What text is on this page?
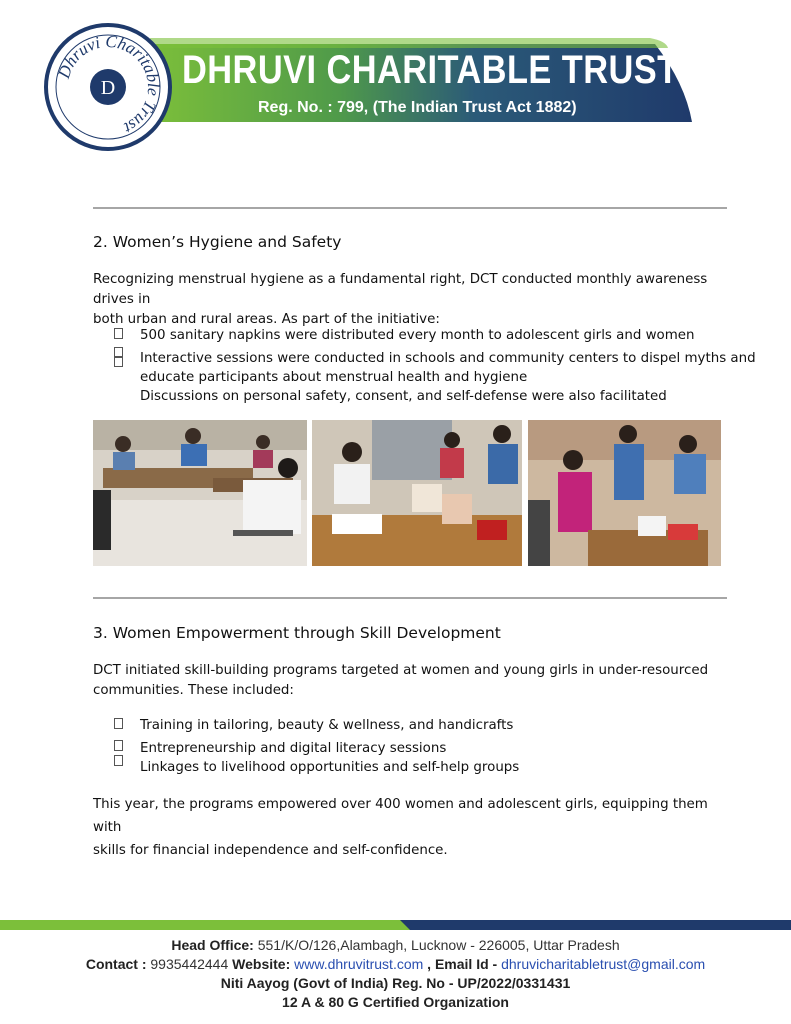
Dhruvi Charitable Trust
D DHRUVI CHARITABLE TRUST
Reg. No. : 799, (The Indian Trust Act 1882)
2. Women’s Hygiene and Safety
Recognizing menstrual hygiene as a fundamental right, DCT conducted monthly awareness drives in
both urban and rural areas. As part of the initiative:
500 sanitary napkins were distributed every month to adolescent girls and women
Interactive sessions were conducted in schools and community centers to dispel myths and
educate participants about menstrual health and hygiene
Discussions on personal safety, consent, and self-defense were also facilitated
3. Women Empowerment through Skill Development
DCT initiated skill-building programs targeted at women and young girls in under-resourced
communities. These included:
Training in tailoring, beauty & wellness, and handicrafts
Entrepreneurship and digital literacy sessions
Linkages to livelihood opportunities and self-help groups
This year, the programs empowered over 400 women and adolescent girls, equipping them with
skills for financial independence and self-confidence.
Head Office: 551/K/O/126,Alambagh, Lucknow - 226005, Uttar Pradesh
Contact : 9935442444 Website: www.dhruvitrust.com , Email Id - dhruvicharitabletrust@gmail.com
Niti Aayog (Govt of India) Reg. No - UP/2022/0331431
12 A & 80 G Certified Organization
